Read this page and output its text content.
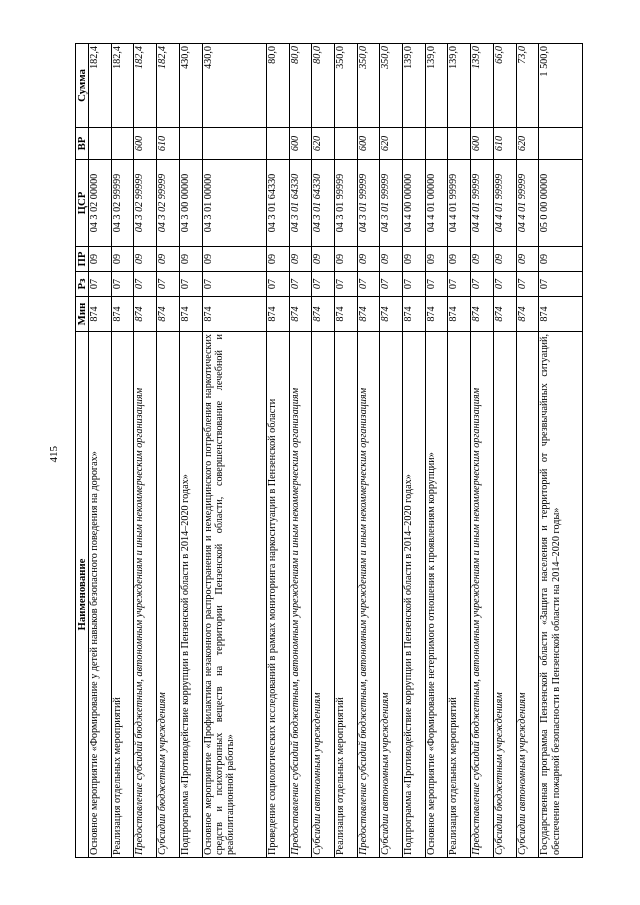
415
Наименование	Мин	Рз	ПР	ЦСР	ВР	Сумма
Основное мероприятие «Формирование у детей навыков безопасного поведения на дорогах»	874	07	09	04 3 02 00000		182,4
Реализация отдельных мероприятий	874	07	09	04 3 02 99999		182,4
Предоставление субсидий бюджетным, автономным учреждениям и иным некоммерческим организациям	874	07	09	04 3 02 99999	600	182,4
Субсидии бюджетным учреждениям	874	07	09	04 3 02 99999	610	182,4
Подпрограмма «Противодействие коррупции в Пензенской области в 2014–2020 годах»	874	07	09	04 3 00 00000		430,0
Основное мероприятие «Профилактика незаконного распространения и немедицинского потребления наркотических средств и психотропных веществ на территории Пензенской области, совершенствование лечебной и реабилитационной работы»	874	07	09	04 3 01 00000		430,0
Проведение социологических исследований в рамках мониторинга наркоситуации в Пензенской области	874	07	09	04 3 01 64330		80,0
Предоставление субсидий бюджетным, автономным учреждениям и иным некоммерческим организациям	874	07	09	04 3 01 64330	600	80,0
Субсидии автономным учреждениям	874	07	09	04 3 01 64330	620	80,0
Реализация отдельных мероприятий	874	07	09	04 3 01 99999		350,0
Предоставление субсидий бюджетным, автономным учреждениям и иным некоммерческим организациям	874	07	09	04 3 01 99999	600	350,0
Субсидии автономным учреждениям	874	07	09	04 3 01 99999	620	350,0
Подпрограмма «Противодействие коррупции в Пензенской области в 2014–2020 годах»	874	07	09	04 4 00 00000		139,0
Основное мероприятие «Формирование нетерпимого отношения к проявлениям коррупции»	874	07	09	04 4 01 00000		139,0
Реализация отдельных мероприятий	874	07	09	04 4 01 99999		139,0
Предоставление субсидий бюджетным, автономным учреждениям и иным некоммерческим организациям	874	07	09	04 4 01 99999	600	139,0
Субсидии бюджетным учреждениям	874	07	09	04 4 01 99999	610	66,0
Субсидии автономным учреждениям	874	07	09	04 4 01 99999	620	73,0
Государственная программа Пензенской области «Защита населения и территорий от чрезвычайных ситуаций, обеспечение пожарной безопасности в Пензенской области на 2014–2020 годы»	874	07	09	05 0 00 00000		1 500,0
